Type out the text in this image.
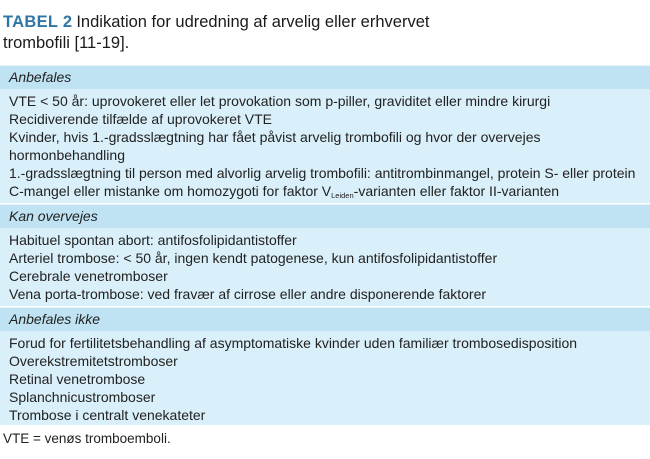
TABEL 2 Indikation for udredning af arvelig eller erhvervet
trombofili [11-19].
Anbefales
VTE < 50 år: uprovokeret eller let provokation som p-piller, graviditet eller mindre kirurgi
Recidiverende tilfælde af uprovokeret VTE
Kvinder, hvis 1.-gradsslægtning har fået påvist arvelig trombofili og hvor der overvejes
hormonbehandling
1.-gradsslægtning til person med alvorlig arvelig trombofili: antitrombinmangel, protein S- eller protein
C-mangel eller mistanke om homozygoti for faktor $V_{Leiden}$-varianten eller faktor II-varianten
Kan overvejes
Habituel spontan abort: antifosfolipidantistoffer
Arteriel trombose: < 50 år, ingen kendt patogenese, kun antifosfolipidantistoffer
Cerebrale venetromboser
Vena porta-trombose: ved fravær af cirrose eller andre disponerende faktorer
Anbefales ikke
Forud for fertilitetsbehandling af asymptomatiske kvinder uden familiær trombosedisposition
Overekstremitetstromboser
Retinal venetrombose
Splanchnicustromboser
Trombose i centralt venekateter
VTE = venøs tromboemboli.
